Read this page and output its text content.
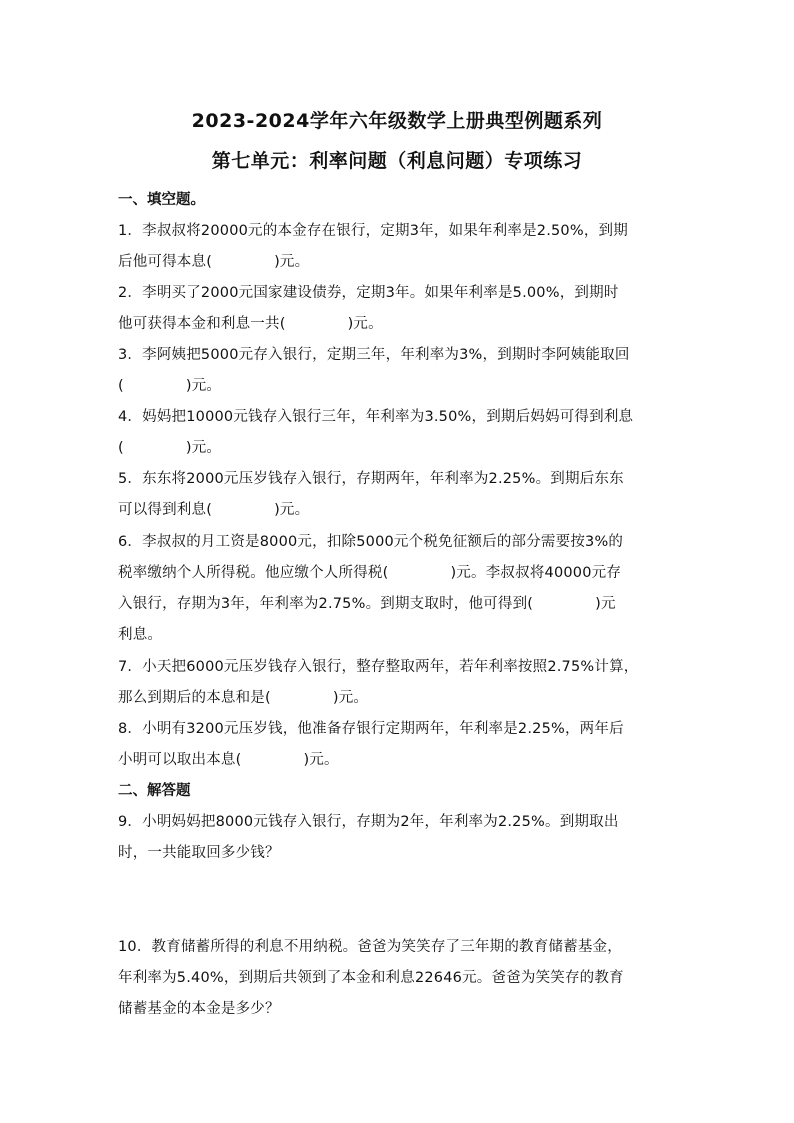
2023-2024学年六年级数学上册典型例题系列
第七单元：利率问题（利息问题）专项练习
一、填空题。
1．李叔叔将20000元的本金存在银行，定期3年，如果年利率是2.50%，到期
后他可得本息(	)元。
2．李明买了2000元国家建设债券，定期3年。如果年利率是5.00%，到期时
他可获得本金和利息一共(	)元。
3．李阿姨把5000元存入银行，定期三年，年利率为3%，到期时李阿姨能取回
(	)元。
4．妈妈把10000元钱存入银行三年，年利率为3.50%，到期后妈妈可得到利息
(	)元。
5．东东将2000元压岁钱存入银行，存期两年，年利率为2.25%。到期后东东
可以得到利息(	)元。
6．李叔叔的月工资是8000元，扣除5000元个税免征额后的部分需要按3%的
税率缴纳个人所得税。他应缴个人所得税(	)元。李叔叔将40000元存
入银行，存期为3年，年利率为2.75%。到期支取时，他可得到(	)元
利息。
7．小天把6000元压岁钱存入银行，整存整取两年，若年利率按照2.75%计算，
那么到期后的本息和是(	)元。
8．小明有3200元压岁钱，他准备存银行定期两年，年利率是2.25%，两年后
小明可以取出本息(	)元。
二、解答题
9．小明妈妈把8000元钱存入银行，存期为2年，年利率为2.25%。到期取出
时，一共能取回多少钱？
10．教育储蓄所得的利息不用纳税。爸爸为笑笑存了三年期的教育储蓄基金，
年利率为5.40%，到期后共领到了本金和利息22646元。爸爸为笑笑存的教育
储蓄基金的本金是多少？
